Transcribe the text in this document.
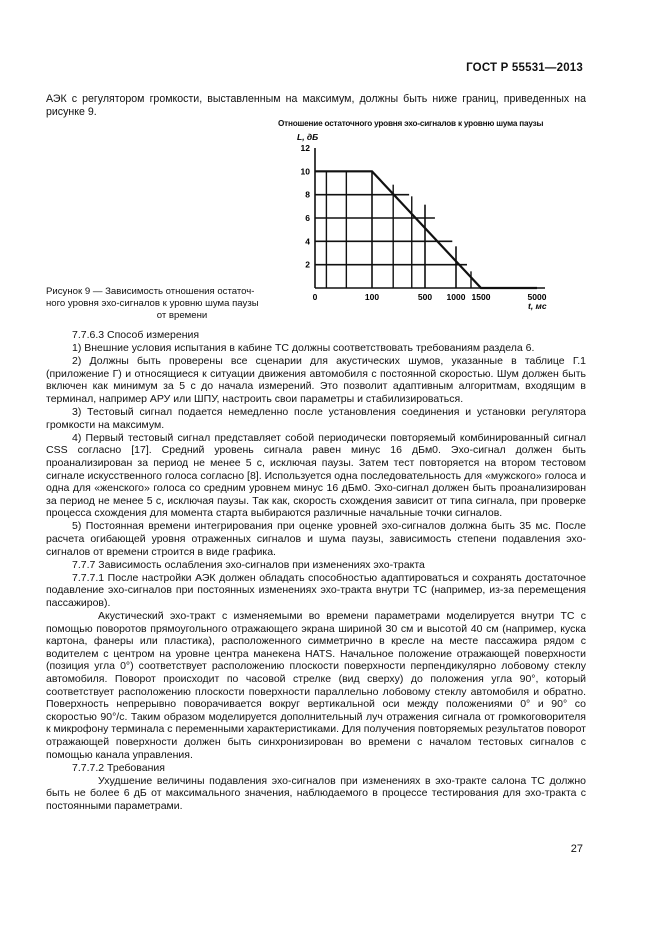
ГОСТ Р 55531—2013
АЭК с регулятором громкости, выставленным на максимум, должны быть ниже границ, приведенных на рисунке 9.
Отношение остаточного уровня эхо-сигналов к уровню шума паузы
2
4
6
8
10
12
0	100	500 1000 1500	5000
L, дБ
t, мс
Рисунок 9 — Зависимость отношения остаточ-
ного уровня эхо-сигналов к уровню шума паузы

от времени

7.7.6.3 Способ измерения

1) Внешние условия испытания в кабине ТС должны соответствовать требованиям раздела 6.

2) Должны быть проверены все сценарии для акустических шумов, указанные в таблице Г.1 (приложение Г) и относящиеся к ситуации движения автомобиля с постоянной скоростью. Шум должен быть включен как минимум за 5 с до начала измерений. Это позволит адаптивным алгоритмам, входящим в терминал, например АРУ или ШПУ, настроить свои параметры и стабилизироваться.

3) Тестовый сигнал подается немедленно после установления соединения и установки регулятора громкости на максимум.

4) Первый тестовый сигнал представляет собой периодически повторяемый комбинированный сигнал CSS согласно [17]. Средний уровень сигнала равен минус 16 дБм0. Эхо-сигнал должен быть проанализирован за период не менее 5 с, исключая паузы. Затем тест повторяется на втором тестовом сигнале искусственного голоса согласно [8]. Используется одна последовательность для «мужского» голоса и одна для «женского» голоса со средним уровнем минус 16 дБм0. Эхо-сигнал должен быть проанализирован за период не менее 5 с, исключая паузы. Так как, скорость схождения зависит от типа сигнала, при проверке процесса схождения для момента старта выбираются различные начальные точки сигналов.

5) Постоянная времени интегрирования при оценке уровней эхо-сигналов должна быть 35 мс. После расчета огибающей уровня отраженных сигналов и шума паузы, зависимость степени подавления эхо-сигналов от времени строится в виде графика.

7.7.7 Зависимость ослабления эхо-сигналов при изменениях эхо-тракта

7.7.7.1 После настройки АЭК должен обладать способностью адаптироваться и сохранять достаточное подавление эхо-сигналов при постоянных изменениях эхо-тракта внутри ТС (например, из-за перемещения пассажиров).

Акустический эхо-тракт с изменяемыми во времени параметрами моделируется внутри ТС с помощью поворотов прямоугольного отражающего экрана шириной 30 см и высотой 40 см (например, куска картона, фанеры или пластика), расположенного симметрично в кресле на месте пассажира рядом с водителем с центром на уровне центра манекена HATS. Начальное положение отражающей поверхности (позиция угла 0°) соответствует расположению плоскости поверхности перпендикулярно лобовому стеклу автомобиля. Поворот происходит по часовой стрелке (вид сверху) до положения угла 90°, который соответствует расположению плоскости поверхности параллельно лобовому стеклу автомобиля и обратно. Поверхность непрерывно поворачивается вокруг вертикальной оси между положениями 0° и 90° со скоростью 90°/с. Таким образом моделируется дополнительный луч отражения сигнала от громкоговорителя к микрофону терминала с переменными характеристиками. Для получения повторяемых результатов поворот отражающей поверхности должен быть синхронизирован во времени с началом тестовых сигналов с помощью канала управления.

7.7.7.2 Требования

Ухудшение величины подавления эхо-сигналов при изменениях в эхо-тракте салона ТС должно быть не более 6 дБ от максимального значения, наблюдаемого в процессе тестирования для эхо-тракта с постоянными параметрами.

27
